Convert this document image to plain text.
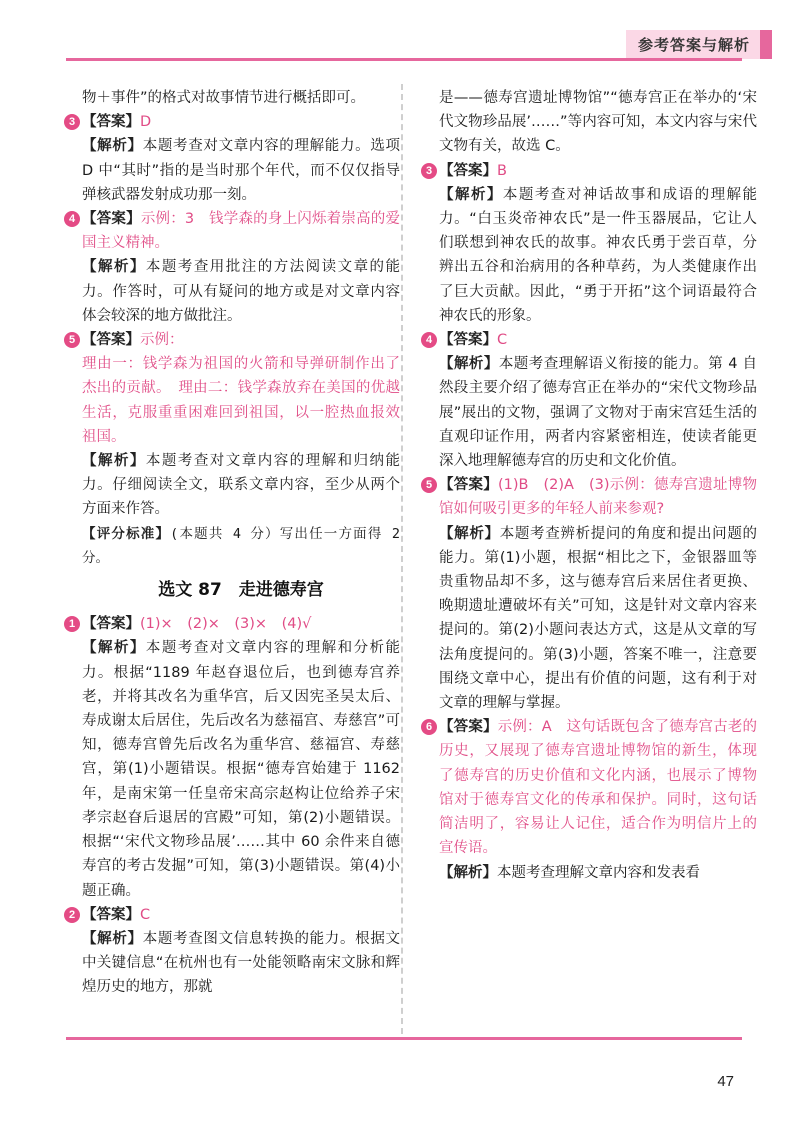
参考答案与解析

物＋事件”的格式对故事情节进行概括即可。

3 【答案】D

【解析】本题考查对文章内容的理解能力。选项 D 中“其时”指的是当时那个年代，而不仅仅指导弹核武器发射成功那一刻。

4 【答案】示例：3　钱学森的身上闪烁着崇高的爱国主义精神。

【解析】本题考查用批注的方法阅读文章的能力。作答时，可从有疑问的地方或是对文章内容体会较深的地方做批注。

5 【答案】示例：

理由一：钱学森为祖国的火箭和导弹研制作出了杰出的贡献。　理由二：钱学森放弃在美国的优越生活，克服重重困难回到祖国，以一腔热血报效祖国。

【解析】本题考查对文章内容的理解和归纳能力。仔细阅读全文，联系文章内容，至少从两个方面来作答。

【评分标准】(本题共 4 分）写出任一方面得 2 分。

选文 87　走进德寿宫
1 【答案】(1)×　(2)×　(3)×　(4)√

【解析】本题考查对文章内容的理解和分析能力。根据“1189 年赵昚退位后，也到德寿宫养老，并将其改名为重华宫，后又因宪圣吴太后、寿成谢太后居住，先后改名为慈福宫、寿慈宫”可知，德寿宫曾先后改名为重华宫、慈福宫、寿慈宫，第(1)小题错误。根据“德寿宫始建于 1162 年，是南宋第一任皇帝宋高宗赵构让位给养子宋孝宗赵昚后退居的宫殿”可知，第(2)小题错误。根据“‘宋代文物珍品展’……其中 60 余件来自德寿宫的考古发掘”可知，第(3)小题错误。第(4)小题正确。

2 【答案】C

【解析】本题考查图文信息转换的能力。根据文中关键信息“在杭州也有一处能领略南宋文脉和辉煌历史的地方，那就

是——德寿宫遗址博物馆”“德寿宫正在举办的‘宋代文物珍品展’……”等内容可知，本文内容与宋代文物有关，故选 C。

3 【答案】B

【解析】本题考查对神话故事和成语的理解能力。“白玉炎帝神农氏”是一件玉器展品，它让人们联想到神农氏的故事。神农氏勇于尝百草，分辨出五谷和治病用的各种草药，为人类健康作出了巨大贡献。因此，“勇于开拓”这个词语最符合神农氏的形象。

4 【答案】C

【解析】本题考查理解语义衔接的能力。第 4 自然段主要介绍了德寿宫正在举办的“宋代文物珍品展”展出的文物，强调了文物对于南宋宫廷生活的直观印证作用，两者内容紧密相连，使读者能更深入地理解德寿宫的历史和文化价值。

5 【答案】(1)B　(2)A　(3)示例：德寿宫遗址博物馆如何吸引更多的年轻人前来参观?

【解析】本题考查辨析提问的角度和提出问题的能力。第(1)小题，根据“相比之下，金银器皿等贵重物品却不多，这与德寿宫后来居住者更换、晚期遗址遭破坏有关”可知，这是针对文章内容来提问的。第(2)小题问表达方式，这是从文章的写法角度提问的。第(3)小题，答案不唯一，注意要围绕文章中心，提出有价值的问题，这有利于对文章的理解与掌握。

6 【答案】示例：A　这句话既包含了德寿宫古老的历史，又展现了德寿宫遗址博物馆的新生，体现了德寿宫的历史价值和文化内涵，也展示了博物馆对于德寿宫文化的传承和保护。同时，这句话简洁明了，容易让人记住，适合作为明信片上的宣传语。

【解析】本题考查理解文章内容和发表看

47
